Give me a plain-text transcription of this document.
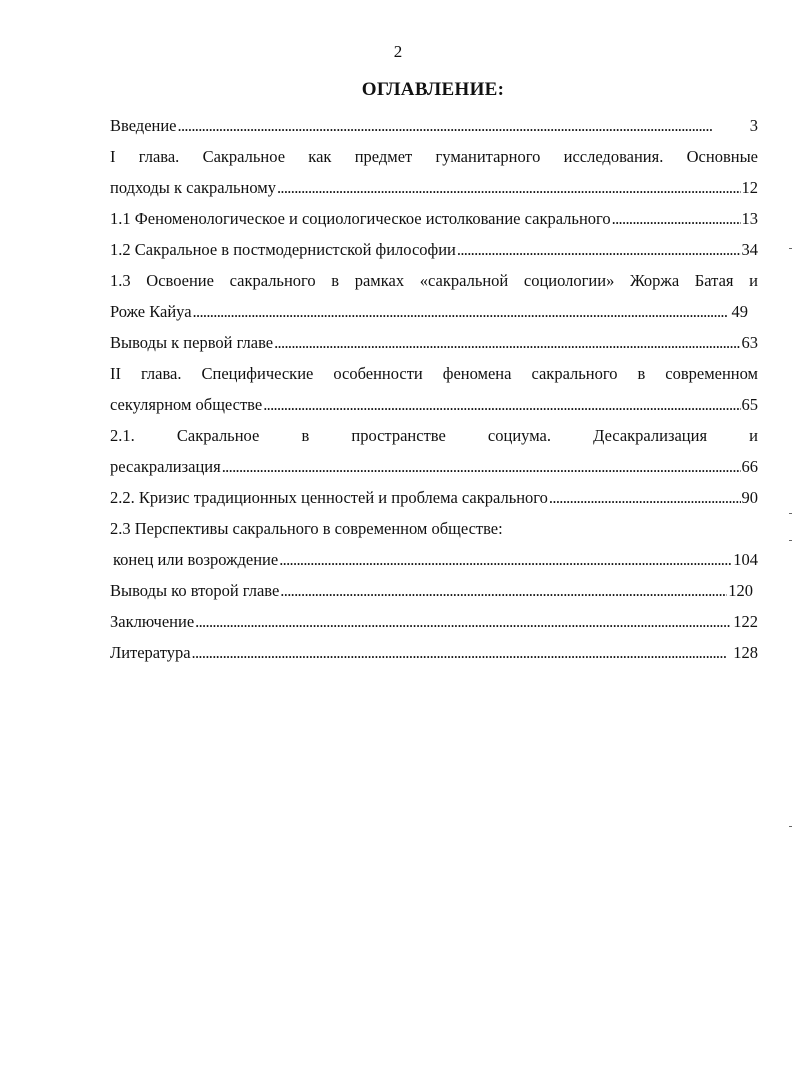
2
ОГЛАВЛЕНИЕ:
Введение . . .	3
I глава. Сакральное как предмет гуманитарного исследования. Основные
подходы к сакральному . . .	12
1.1 Феноменологическое и социологическое истолкование сакрального . . .	13
1.2 Сакральное в постмодернистской философии . . .	34
1.3 Освоение сакрального в рамках «сакральной социологии» Жоржа Батая и
Роже Кайуа . . .	49
Выводы к первой главе . . .	63
II глава. Специфические особенности феномена сакрального в современном
секулярном обществе . . .	65
2.1. Сакральное в пространстве социума. Десакрализация и
ресакрализация . . .	66
2.2. Кризис традиционных ценностей и проблема сакрального . . .	90
2.3 Перспективы сакрального в современном обществе:
конец или возрождение . . .	104
Выводы ко второй главе . . .	120
Заключение . . .	122
Литература . . .	128
